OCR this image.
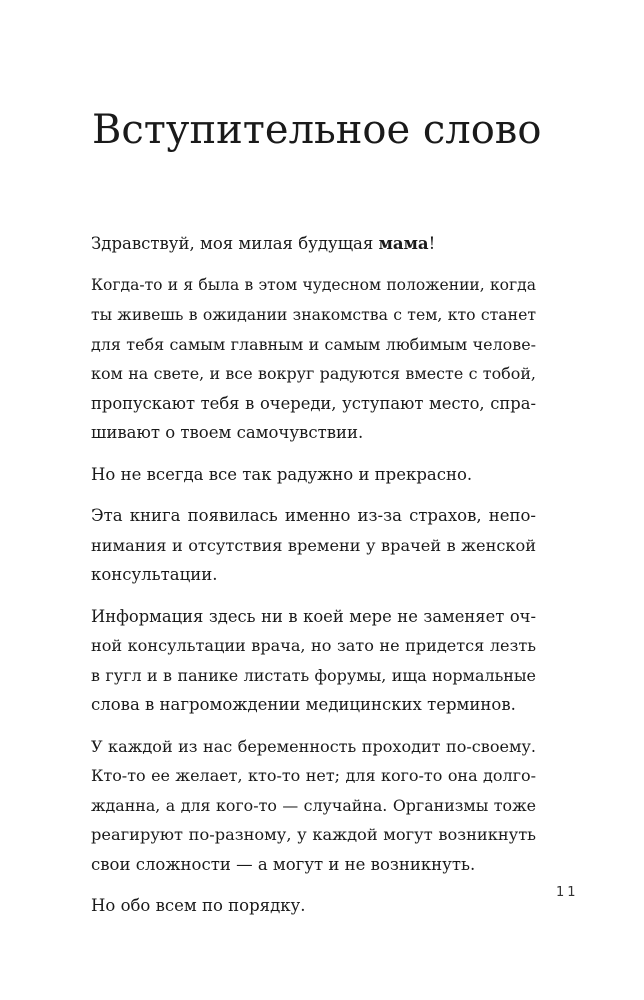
Вступительное слово

Здравствуй, моя милая будущая мама!

Когда-то и я была в этом чудесном положении, когда
ты живешь в ожидании знакомства с тем, кто станет
для тебя самым главным и самым любимым челове-
ком на свете, и все вокруг радуются вместе с тобой,
пропускают тебя в очереди, уступают место, спра-
шивают о твоем самочувствии.

Но не всегда все так радужно и прекрасно.

Эта книга появилась именно из-за страхов, непо-
нимания и отсутствия времени у врачей в женской
консультации.

Информация здесь ни в коей мере не заменяет оч-
ной консультации врача, но зато не придется лезть
в гугл и в панике листать форумы, ища нормальные
слова в нагромождении медицинских терминов.

У каждой из нас беременность проходит по-своему.
Кто-то ее желает, кто-то нет; для кого-то она долго-
жданна, а для кого-то — случайна. Организмы тоже
реагируют по-разному, у каждой могут возникнуть
свои сложности — а могут и не возникнуть.

Но обо всем по порядку.

11
